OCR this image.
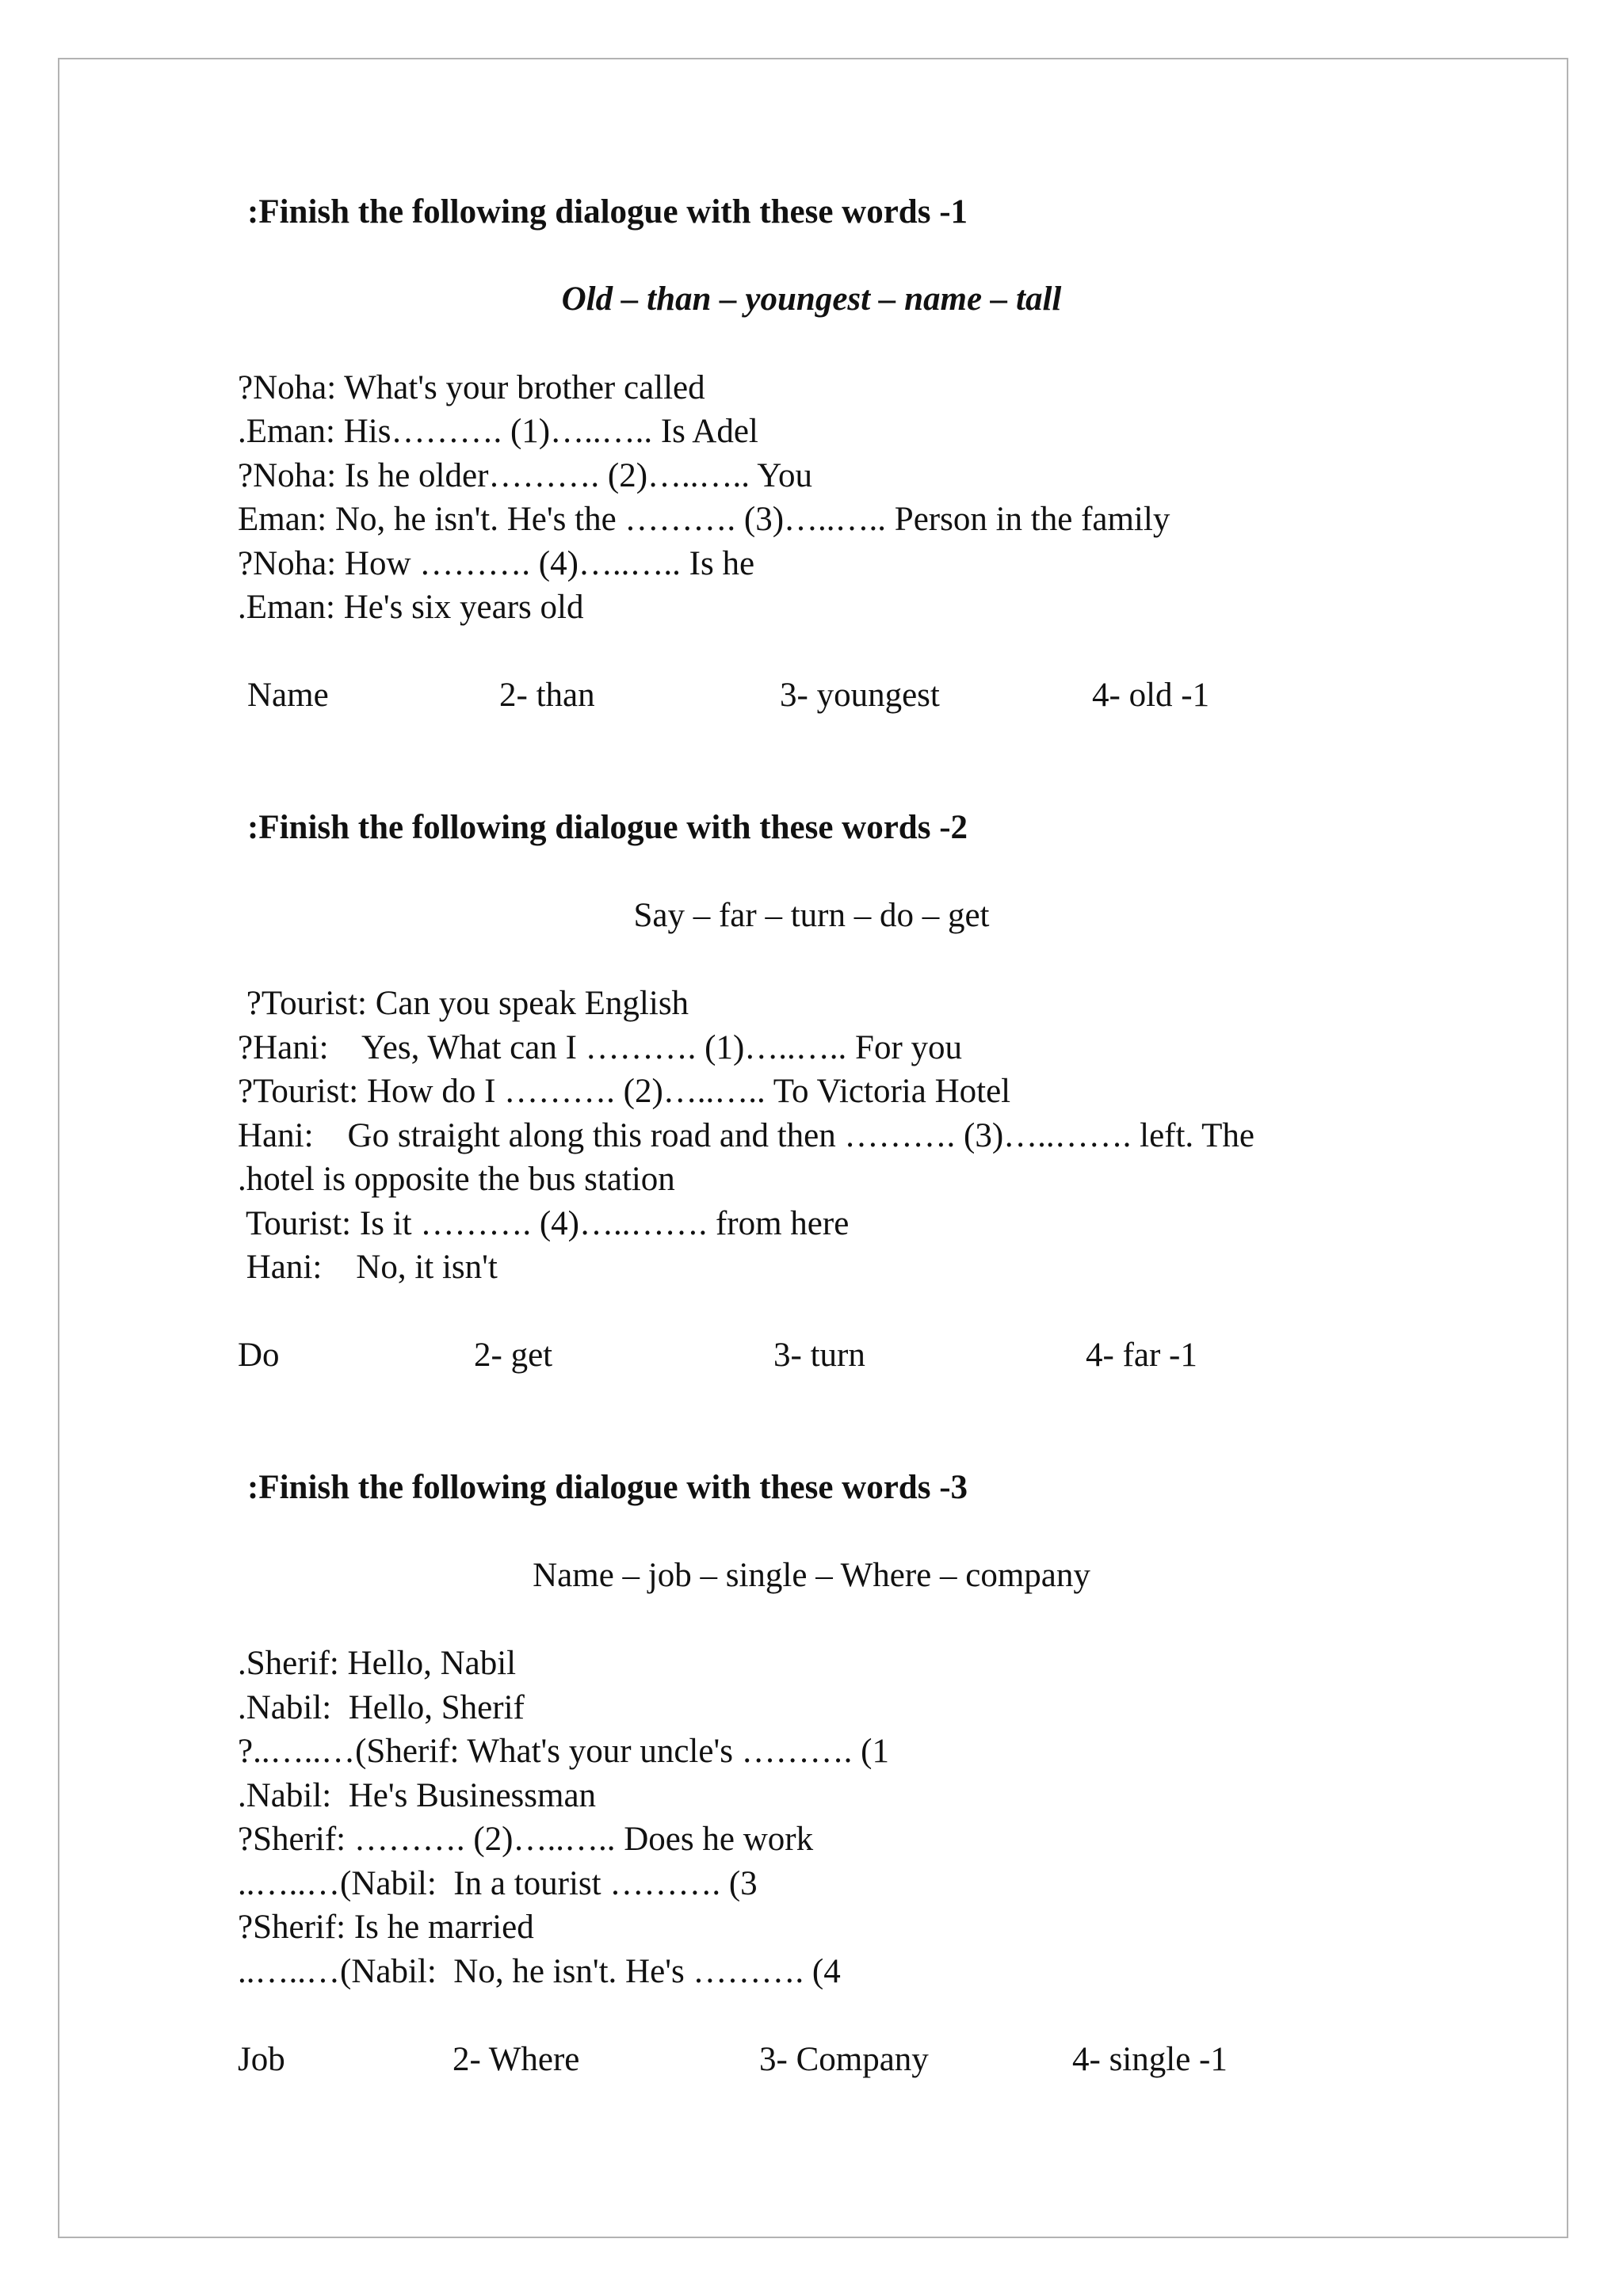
:Finish the following dialogue with these words -1
Old – than – youngest – name – tall
?Noha: What's your brother called
.Eman: His………. (1)…..….. Is Adel
?Noha: Is he older………. (2)…..….. You
Eman: No, he isn't. He's the ………. (3)…..….. Person in the family
?Noha: How ………. (4)…..….. Is he
.Eman: He's six years old
Name	2- than	3- youngest	4- old -1
:Finish the following dialogue with these words -2
Say – far – turn – do – get
?Tourist: Can you speak English
?Hani:    Yes, What can I ………. (1)…..….. For you
?Tourist: How do I ………. (2)…..….. To Victoria Hotel
Hani:    Go straight along this road and then ………. (3)…..……. left. The
.hotel is opposite the bus station
Tourist: Is it ………. (4)…..……. from here
Hani:    No, it isn't
Do	2- get	3- turn	4- far -1
:Finish the following dialogue with these words -3
Name – job – single – Where – company
.Sherif: Hello, Nabil
.Nabil:  Hello, Sherif
?..…..…(Sherif: What's your uncle's ………. (1
.Nabil:  He's Businessman
?Sherif: ………. (2)…..….. Does he work
..…..…(Nabil:  In a tourist ………. (3
?Sherif: Is he married
..…..…(Nabil:  No, he isn't. He's ………. (4
Job	2- Where	3- Company	4- single -1
